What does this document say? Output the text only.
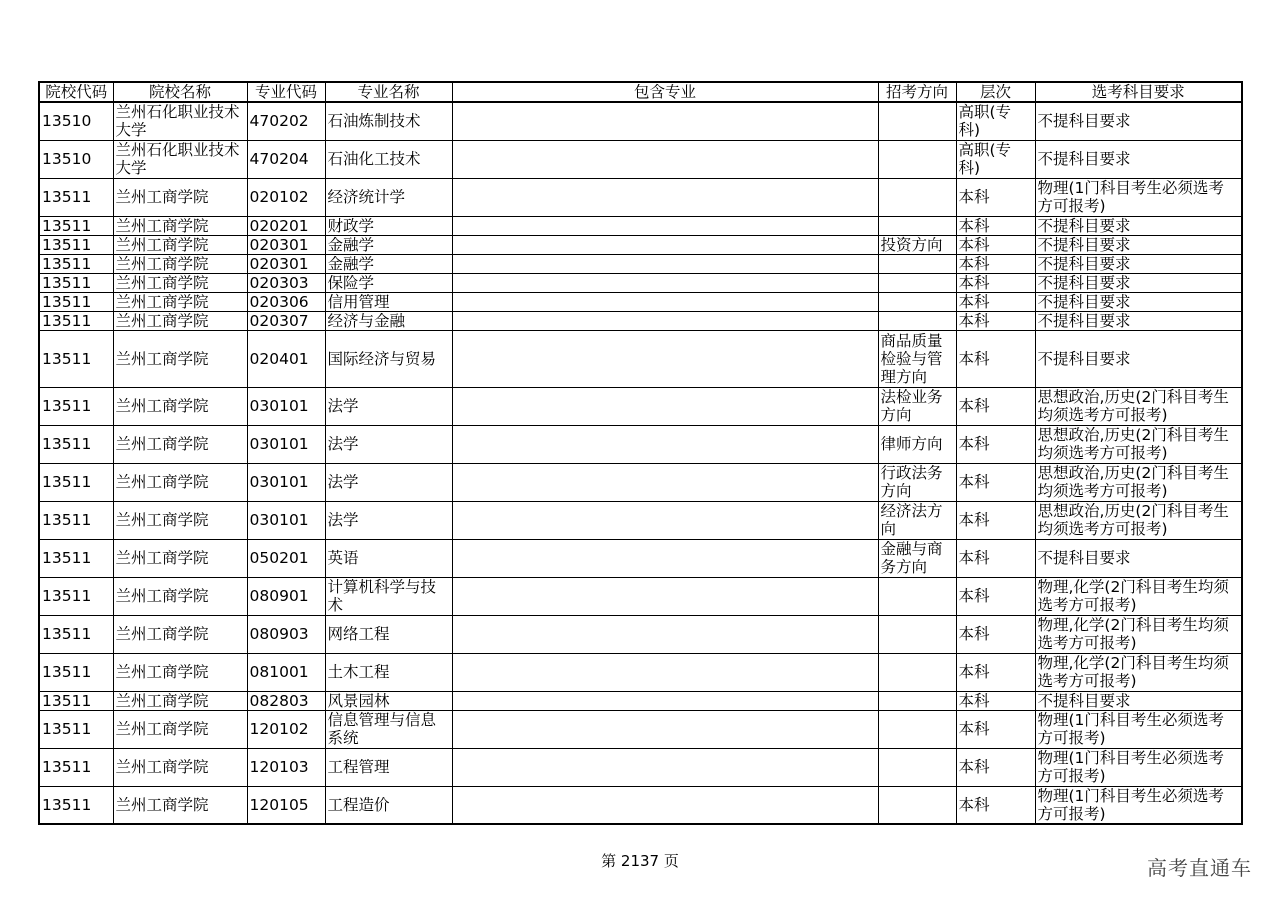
院校代码	院校名称	专业代码	专业名称	包含专业	招考方向	层次	选考科目要求
13510	兰州石化职业技术大学	470202	石油炼制技术			高职(专科)	不提科目要求
13510	兰州石化职业技术大学	470204	石油化工技术			高职(专科)	不提科目要求
13511	兰州工商学院	020102	经济统计学			本科	物理(1门科目考生必须选考方可报考)
13511	兰州工商学院	020201	财政学			本科	不提科目要求
13511	兰州工商学院	020301	金融学		投资方向	本科	不提科目要求
13511	兰州工商学院	020301	金融学			本科	不提科目要求
13511	兰州工商学院	020303	保险学			本科	不提科目要求
13511	兰州工商学院	020306	信用管理			本科	不提科目要求
13511	兰州工商学院	020307	经济与金融			本科	不提科目要求
13511	兰州工商学院	020401	国际经济与贸易		商品质量检验与管理方向	本科	不提科目要求
13511	兰州工商学院	030101	法学		法检业务方向	本科	思想政治,历史(2门科目考生均须选考方可报考)
13511	兰州工商学院	030101	法学		律师方向	本科	思想政治,历史(2门科目考生均须选考方可报考)
13511	兰州工商学院	030101	法学		行政法务方向	本科	思想政治,历史(2门科目考生均须选考方可报考)
13511	兰州工商学院	030101	法学		经济法方向	本科	思想政治,历史(2门科目考生均须选考方可报考)
13511	兰州工商学院	050201	英语		金融与商务方向	本科	不提科目要求
13511	兰州工商学院	080901	计算机科学与技术			本科	物理,化学(2门科目考生均须选考方可报考)
13511	兰州工商学院	080903	网络工程			本科	物理,化学(2门科目考生均须选考方可报考)
13511	兰州工商学院	081001	土木工程			本科	物理,化学(2门科目考生均须选考方可报考)
13511	兰州工商学院	082803	风景园林			本科	不提科目要求
13511	兰州工商学院	120102	信息管理与信息系统			本科	物理(1门科目考生必须选考方可报考)
13511	兰州工商学院	120103	工程管理			本科	物理(1门科目考生必须选考方可报考)
13511	兰州工商学院	120105	工程造价			本科	物理(1门科目考生必须选考方可报考)
第 2137 页	高考直通车
